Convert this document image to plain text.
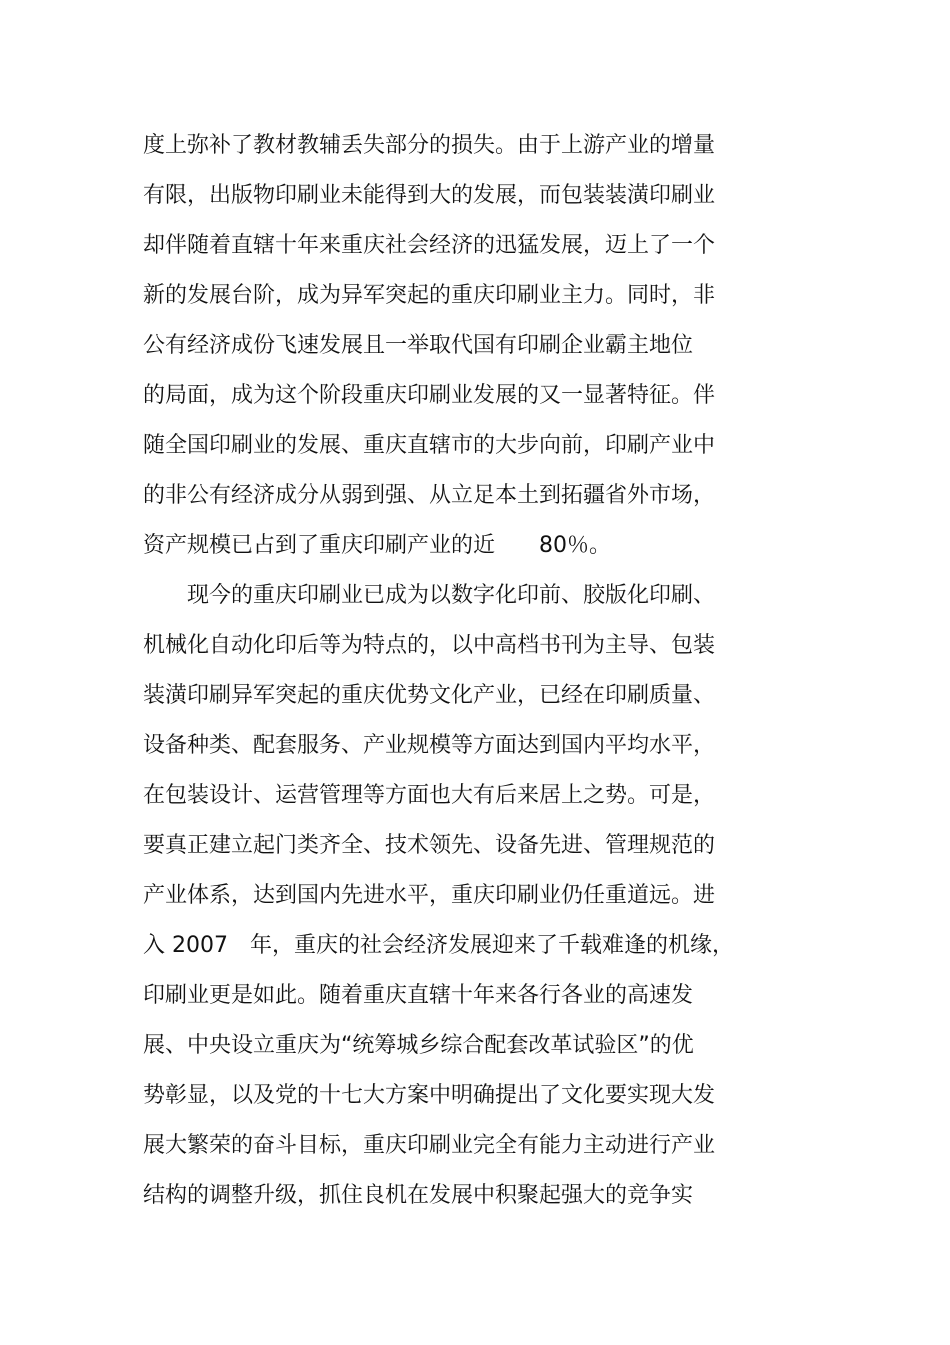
度上弥补了教材教辅丢失部分的损失。由于上游产业的增量
有限，出版物印刷业未能得到大的发展，而包装装潢印刷业
却伴随着直辖十年来重庆社会经济的迅猛发展，迈上了一个
新的发展台阶，成为异军突起的重庆印刷业主力。同时，非
公有经济成份飞速发展且一举取代国有印刷企业霸主地位
的局面，成为这个阶段重庆印刷业发展的又一显著特征。伴
随全国印刷业的发展、重庆直辖市的大步向前，印刷产业中
的非公有经济成分从弱到强、从立足本土到拓疆省外市场，
资产规模已占到了重庆印刷产业的近　　80％。
　　现今的重庆印刷业已成为以数字化印前、胶版化印刷、
机械化自动化印后等为特点的，以中高档书刊为主导、包装
装潢印刷异军突起的重庆优势文化产业，已经在印刷质量、
设备种类、配套服务、产业规模等方面达到国内平均水平，
在包装设计、运营管理等方面也大有后来居上之势。可是，
要真正建立起门类齐全、技术领先、设备先进、管理规范的
产业体系，达到国内先进水平，重庆印刷业仍任重道远。进
入 2007　年，重庆的社会经济发展迎来了千载难逢的机缘，
印刷业更是如此。随着重庆直辖十年来各行各业的高速发
展、中央设立重庆为“统筹城乡综合配套改革试验区”的优
势彰显，以及党的十七大方案中明确提出了文化要实现大发
展大繁荣的奋斗目标，重庆印刷业完全有能力主动进行产业
结构的调整升级，抓住良机在发展中积聚起强大的竞争实
